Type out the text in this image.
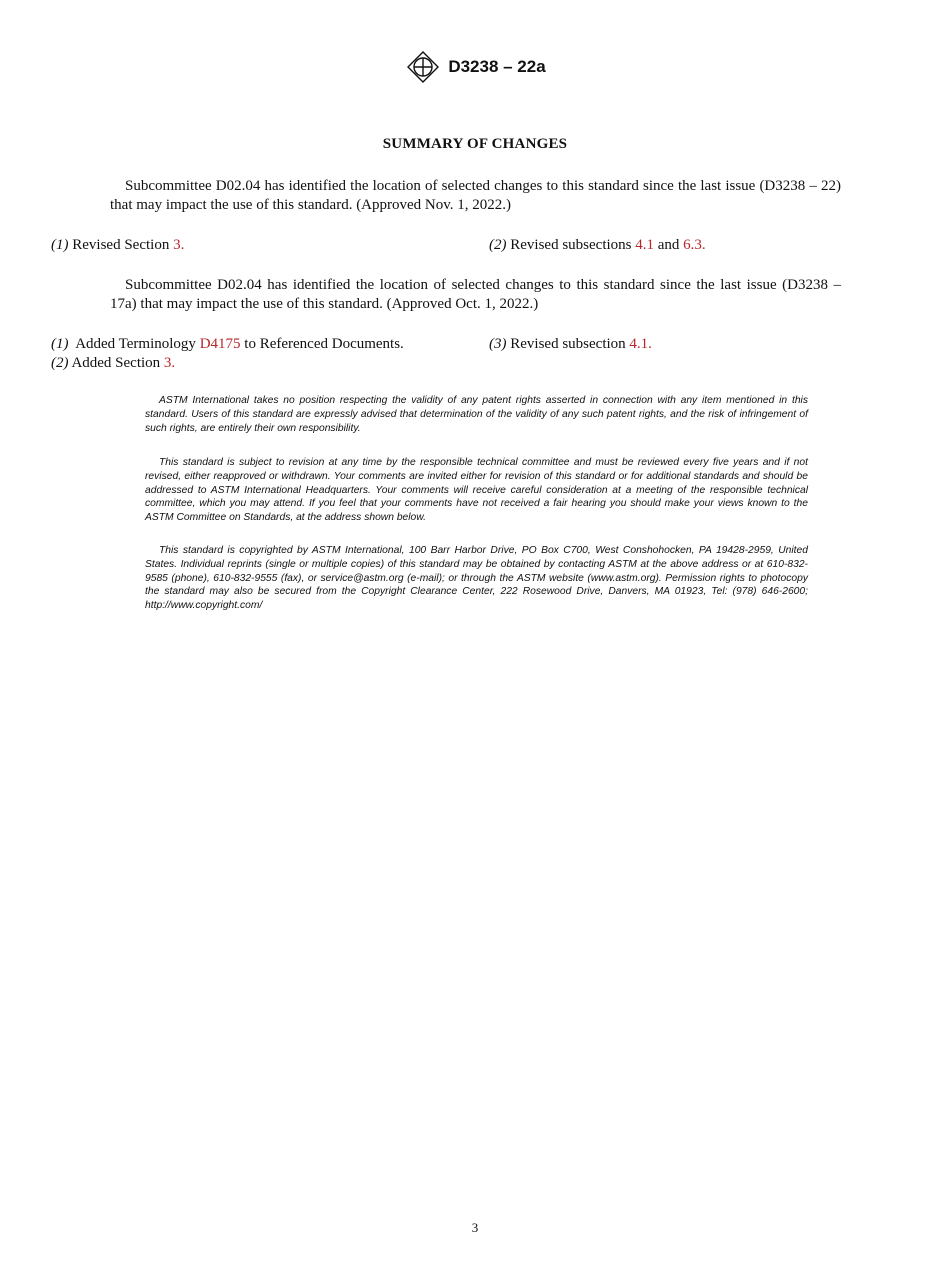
D3238 – 22a
SUMMARY OF CHANGES
Subcommittee D02.04 has identified the location of selected changes to this standard since the last issue (D3238 – 22) that may impact the use of this standard. (Approved Nov. 1, 2022.)
(1) Revised Section 3.	(2) Revised subsections 4.1 and 6.3.
Subcommittee D02.04 has identified the location of selected changes to this standard since the last issue (D3238 – 17a) that may impact the use of this standard. (Approved Oct. 1, 2022.)
(1) Added Terminology D4175 to Referenced Documents.
(2) Added Section 3.
(3) Revised subsection 4.1.
ASTM International takes no position respecting the validity of any patent rights asserted in connection with any item mentioned in this standard. Users of this standard are expressly advised that determination of the validity of any such patent rights, and the risk of infringement of such rights, are entirely their own responsibility.
This standard is subject to revision at any time by the responsible technical committee and must be reviewed every five years and if not revised, either reapproved or withdrawn. Your comments are invited either for revision of this standard or for additional standards and should be addressed to ASTM International Headquarters. Your comments will receive careful consideration at a meeting of the responsible technical committee, which you may attend. If you feel that your comments have not received a fair hearing you should make your views known to the ASTM Committee on Standards, at the address shown below.
This standard is copyrighted by ASTM International, 100 Barr Harbor Drive, PO Box C700, West Conshohocken, PA 19428-2959, United States. Individual reprints (single or multiple copies) of this standard may be obtained by contacting ASTM at the above address or at 610-832-9585 (phone), 610-832-9555 (fax), or service@astm.org (e-mail); or through the ASTM website (www.astm.org). Permission rights to photocopy the standard may also be secured from the Copyright Clearance Center, 222 Rosewood Drive, Danvers, MA 01923, Tel: (978) 646-2600; http://www.copyright.com/
3
